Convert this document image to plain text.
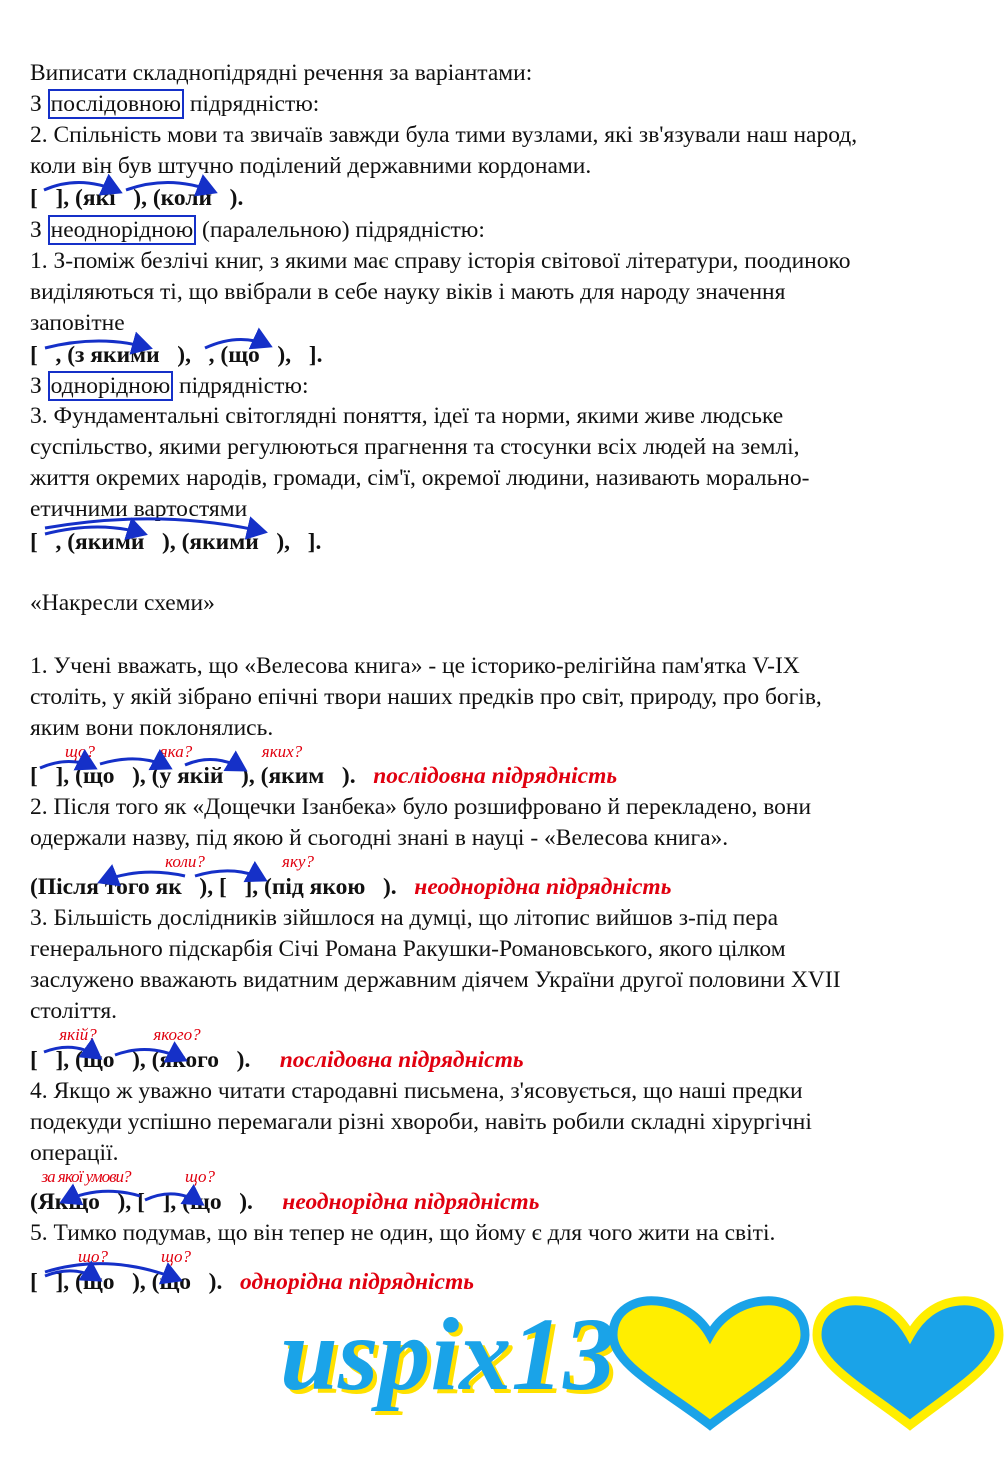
Виписати складнопідрядні речення за варіантами:
З послідовною підрядністю:
2. Спільність мови та звичаїв завжди була тими вузлами, які зв'язували наш народ,
коли він був штучно поділений державними кордонами.
[   ], (які   ), (коли   ).
З неоднорідною (паралельною) підрядністю:
1. З-поміж безлічі книг, з якими має справу історія світової літератури, поодиноко
виділяються ті, що ввібрали в себе науку віків і мають для народу значення
заповітне
[   , (з якими   ),   , (що   ),   ].
З однорідною підрядністю:
3. Фундаментальні світоглядні поняття, ідеї та норми, якими живе людське
суспільство, якими регулюються прагнення та стосунки всіх людей на землі,
життя окремих народів, громади, сім'ї, окремої людини, називають морально-
етичними вартостями
[   , (якими   ), (якими   ),   ].
«Накресли схеми»
1. Учені вважать, що «Велесова книга» - це історико-релігійна пам'ятка V-IX
століть, у якій зібрано епічні твори наших предків про світ, природу, про богів,
яким вони поклонялись.
що?	яка?	яких?
[   ], (що   ), (у якій   ), (яким   ). послідовна підрядність
2. Після того як «Дощечки Ізанбека» було розшифровано й перекладено, вони
одержали назву, під якою й сьогодні знані в науці - «Велесова книга».
коли?	яку?
(Після того як   ), [   ], (під якою   ). неоднорідна підрядність
3. Більшість дослідників зійшлося на думці, що літопис вийшов з-під пера
генерального підскарбія Січі Романа Ракушки-Романовського, якого цілком
заслужено вважають видатним державним діячем України другої половини XVII
століття.
якій?	якого?
[   ], (що   ), (якого   ). послідовна підрядність
4. Якщо ж уважно читати стародавні письмена, з'ясовується, що наші предки
подекуди успішно перемагали різні хвороби, навіть робили складні хірургічні
операції.
за якої умови?	що?
(Якщо   ), [   ], (що   ). неоднорідна підрядність
5. Тимко подумав, що він тепер не один, що йому є для чого жити на світі.
що?	що?
[   ], (що   ), (що   ). однорідна підрядність
uspix13
